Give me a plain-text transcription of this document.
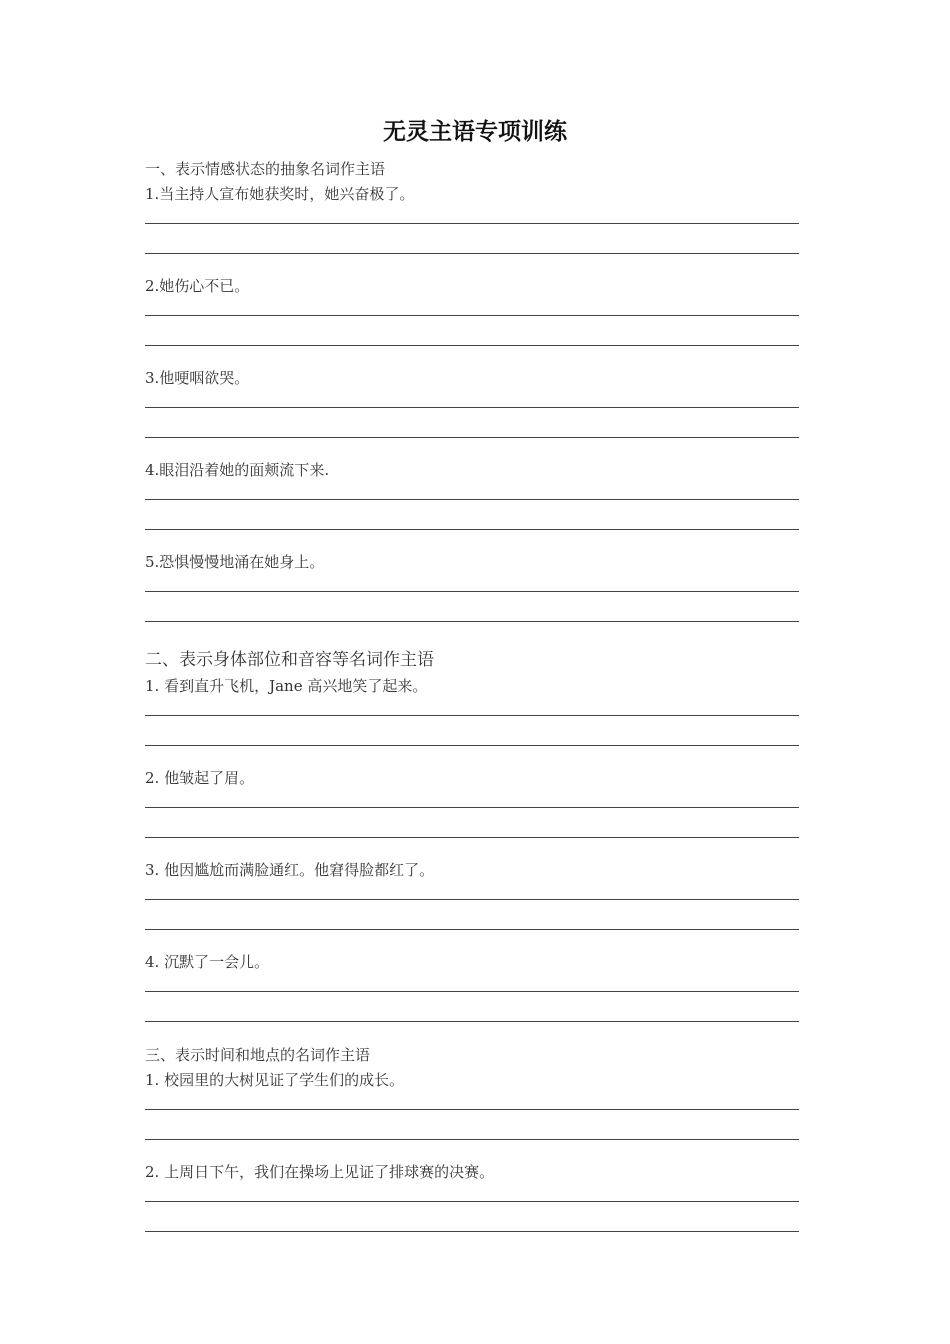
无灵主语专项训练
一、表示情感状态的抽象名词作主语
1.当主持人宣布她获奖时，她兴奋极了。
2.她伤心不已。
3.他哽咽欲哭。
4.眼泪沿着她的面颊流下来.
5.恐惧慢慢地涌在她身上。
二、表示身体部位和音容等名词作主语
1. 看到直升飞机，Jane 高兴地笑了起来。
2. 他皱起了眉。
3. 他因尴尬而满脸通红。他窘得脸都红了。
4. 沉默了一会儿。
三、表示时间和地点的名词作主语
1. 校园里的大树见证了学生们的成长。
2. 上周日下午，我们在操场上见证了排球赛的决赛。
